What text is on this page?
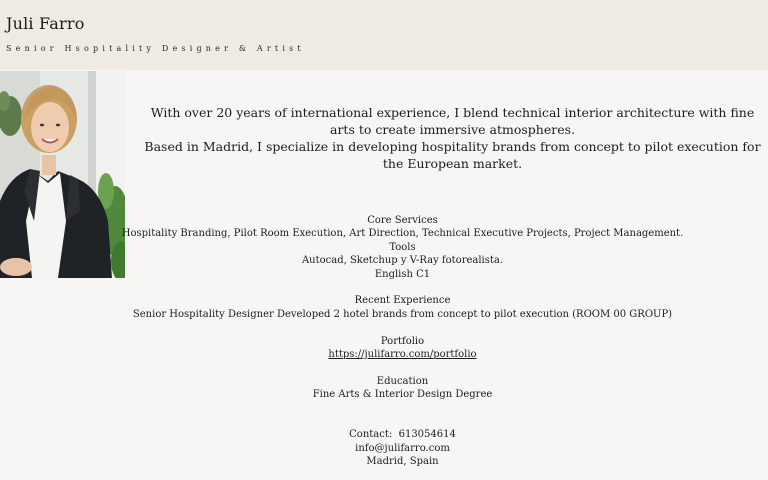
Juli Farro
Senior Hsopitality Designer & Artist

With over 20 years of international experience, I blend technical interior architecture with fine arts to create immersive atmospheres.

Based in Madrid, I specialize in developing hospitality brands from concept to pilot execution for the European market.

Core Services
Hospitality Branding, Pilot Room Execution, Art Direction, Technical Executive Projects, Project Management.
Tools
Autocad, Sketchup y V-Ray fotorealista.
English C1
Recent Experience
Senior Hospitality Designer Developed 2 hotel brands from concept to pilot execution (ROOM 00 GROUP)
Portfolio
https://julifarro.com/portfolio
Education
Fine Arts & Interior Design Degree
Contact: 613054614
info@julifarro.com
Madrid, Spain
